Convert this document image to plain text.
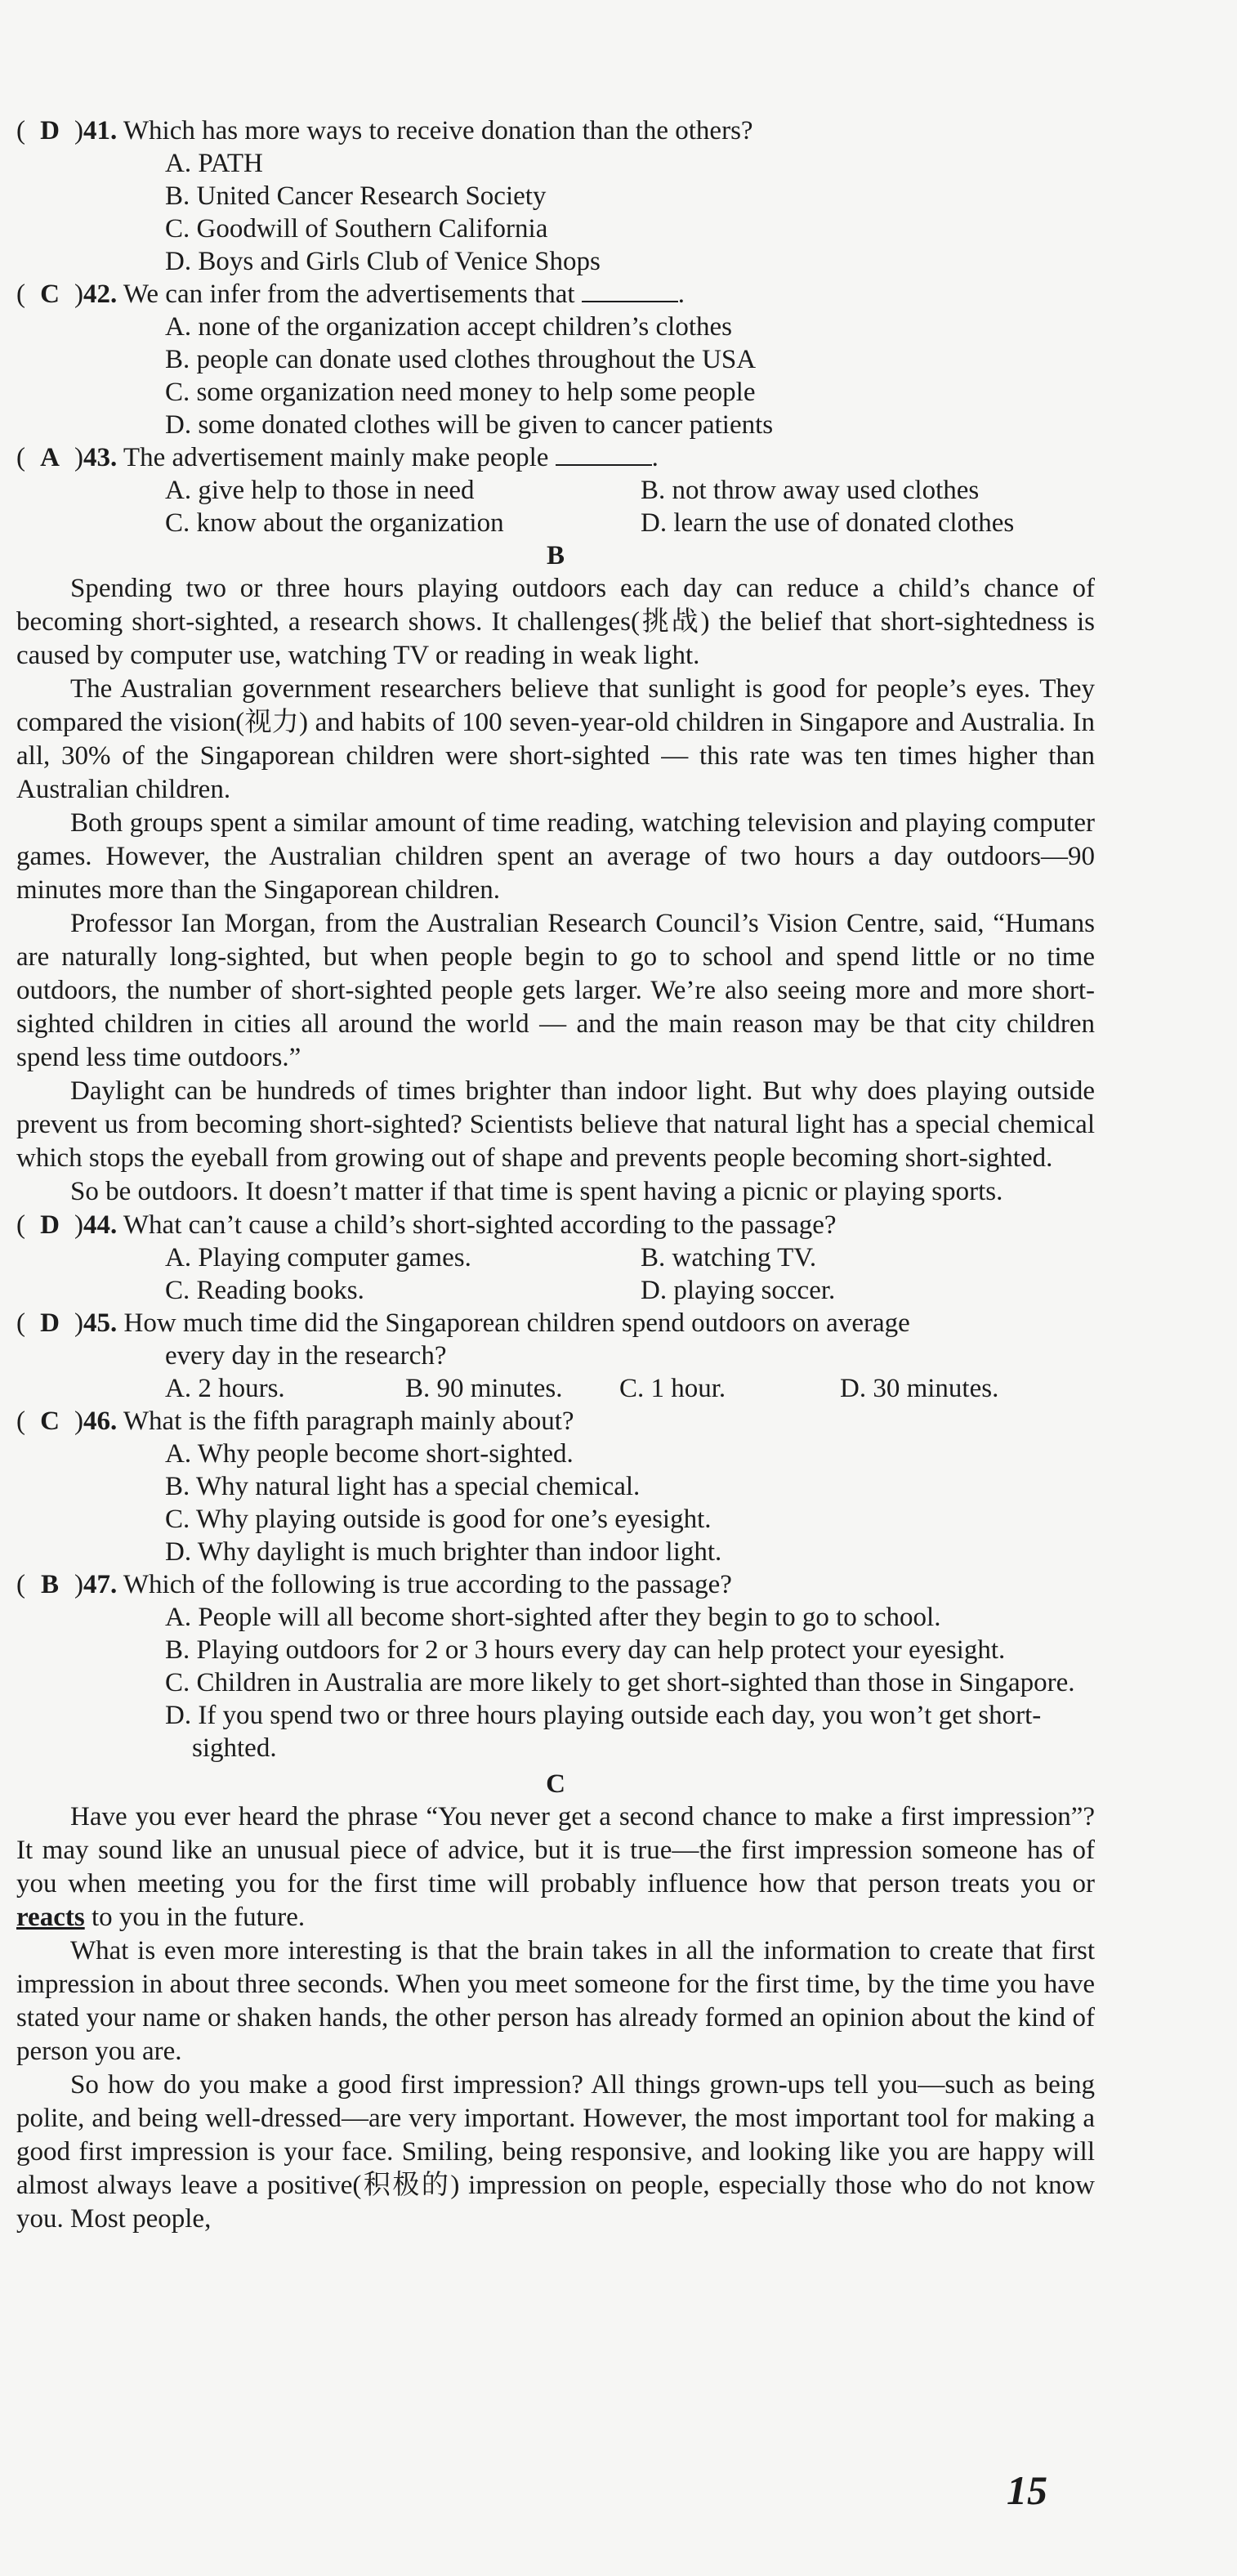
( D )41. Which has more ways to receive donation than the others?
A. PATH
B. United Cancer Research Society
C. Goodwill of Southern California
D. Boys and Girls Club of Venice Shops
( C )42. We can infer from the advertisements that	.
A. none of the organization accept children’s clothes
B. people can donate used clothes throughout the USA
C. some organization need money to help some people
D. some donated clothes will be given to cancer patients
( A )43. The advertisement mainly make people	.
A. give help to those in need	B. not throw away used clothes
C. know about the organization	D. learn the use of donated clothes
B

Spending two or three hours playing outdoors each day can reduce a child’s chance of becoming short-sighted, a research shows. It challenges(挑战) the belief that short-sightedness is caused by computer use, watching TV or reading in weak light.

The Australian government researchers believe that sunlight is good for people’s eyes. They compared the vision(视力) and habits of 100 seven-year-old children in Singapore and Australia. In all, 30% of the Singaporean children were short-sighted — this rate was ten times higher than Australian children.

Both groups spent a similar amount of time reading, watching television and playing computer games. However, the Australian children spent an average of two hours a day outdoors—90 minutes more than the Singaporean children.

Professor Ian Morgan, from the Australian Research Council’s Vision Centre, said, “Humans are naturally long-sighted, but when people begin to go to school and spend little or no time outdoors, the number of short-sighted people gets larger. We’re also seeing more and more short-sighted children in cities all around the world — and the main reason may be that city children spend less time outdoors.”

Daylight can be hundreds of times brighter than indoor light. But why does playing outside prevent us from becoming short-sighted? Scientists believe that natural light has a special chemical which stops the eyeball from growing out of shape and prevents people becoming short-sighted.

So be outdoors. It doesn’t matter if that time is spent having a picnic or playing sports.

( D )44. What can’t cause a child’s short-sighted according to the passage?
A. Playing computer games.	B. watching TV.
C. Reading books.	D. playing soccer.
( D )45. How much time did the Singaporean children spend outdoors on average
every day in the research?
A. 2 hours.	B. 90 minutes.	C. 1 hour.	D. 30 minutes.
( C )46. What is the fifth paragraph mainly about?
A. Why people become short-sighted.
B. Why natural light has a special chemical.
C. Why playing outside is good for one’s eyesight.
D. Why daylight is much brighter than indoor light.
( B )47. Which of the following is true according to the passage?
A. People will all become short-sighted after they begin to go to school.
B. Playing outdoors for 2 or 3 hours every day can help protect your eyesight.
C. Children in Australia are more likely to get short-sighted than those in Singapore.
D. If you spend two or three hours playing outside each day, you won’t get short-sighted.
C

Have you ever heard the phrase “You never get a second chance to make a first impression”? It may sound like an unusual piece of advice, but it is true—the first impression someone has of you when meeting you for the first time will probably influence how that person treats you or reacts to you in the future.

What is even more interesting is that the brain takes in all the information to create that first impression in about three seconds. When you meet someone for the first time, by the time you have stated your name or shaken hands, the other person has already formed an opinion about the kind of person you are.

So how do you make a good first impression? All things grown-ups tell you—such as being polite, and being well-dressed—are very important. However, the most important tool for making a good first impression is your face. Smiling, being responsive, and looking like you are happy will almost always leave a positive(积极的) impression on people, especially those who do not know you. Most people,

15
